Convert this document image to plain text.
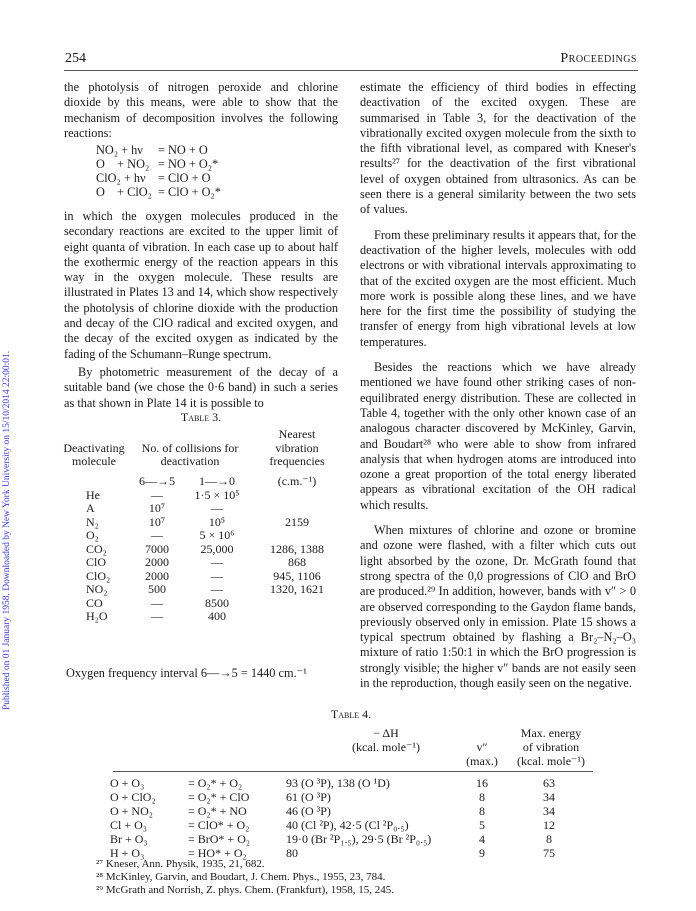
254	Proceedings
Published on 01 January 1958. Downloaded by New York University on 15/10/2014 22:00:01.

the photolysis of nitrogen peroxide and chlorine dioxide by this means, were able to show that the mechanism of decomposition involves the following reactions:

NO₂ + hν	= NO + O
O    + NO₂	= NO + O₂*
ClO₂ + hν	= ClO + O
O    + ClO₂	= ClO + O₂*

in which the oxygen molecules produced in the secondary reactions are excited to the upper limit of eight quanta of vibration. In each case up to about half the exothermic energy of the reaction appears in this way in the oxygen molecule. These results are illustrated in Plates 13 and 14, which show respectively the photolysis of chlorine dioxide with the production and decay of the ClO radical and excited oxygen, and the decay of the excited oxygen as indicated by the fading of the Schumann–Runge spectrum.

By photometric measurement of the decay of a suitable band (we chose the 0·6 band) in such a series as that shown in Plate 14 it is possible to

Table 3.
			Nearest
Deactivating	No. of collisions for		vibration
molecule	deactivation		frequencies
	6—→5	1—→0	(c.m.⁻¹)
He	—	1·5 × 10⁵	
A	10⁷	—	
N₂	10⁷	10⁵	2159
O₂	—	5 × 10⁶	
CO₂	7000	25,000	1286, 1388
ClO	2000	—	868
ClO₂	2000	—	945, 1106
NO₂	500	—	1320, 1621
CO	—	8500	
H₂O	—	400	
Oxygen frequency interval 6—→5 = 1440 cm.⁻¹

estimate the efficiency of third bodies in effecting deactivation of the excited oxygen. These are summarised in Table 3, for the deactivation of the vibrationally excited oxygen molecule from the sixth to the fifth vibrational level, as compared with Kneser's results²⁷ for the deactivation of the first vibrational level of oxygen obtained from ultrasonics. As can be seen there is a general similarity between the two sets of values.

From these preliminary results it appears that, for the deactivation of the higher levels, molecules with odd electrons or with vibrational intervals approximating to that of the excited oxygen are the most efficient. Much more work is possible along these lines, and we have here for the first time the possibility of studying the transfer of energy from high vibrational levels at low temperatures.

Besides the reactions which we have already mentioned we have found other striking cases of non-equilibrated energy distribution. These are collected in Table 4, together with the only other known case of an analogous character discovered by McKinley, Garvin, and Boudart²⁸ who were able to show from infrared analysis that when hydrogen atoms are introduced into ozone a great proportion of the total energy liberated appears as vibrational excitation of the OH radical which results.

When mixtures of chlorine and ozone or bromine and ozone were flashed, with a filter which cuts out light absorbed by the ozone, Dr. McGrath found that strong spectra of the 0,0 progressions of ClO and BrO are produced.²⁹ In addition, however, bands with v″ > 0 are observed corresponding to the Gaydon flame bands, previously observed only in emission. Plate 15 shows a typical spectrum obtained by flashing a Br₂–N₂–O₃ mixture of ratio 1:50:1 in which the BrO progression is strongly visible; the higher v″ bands are not easily seen in the reproduction, though easily seen on the negative.

Table 4.
	− ΔH		Max. energy
	(kcal. mole⁻¹)	v″	of vibration
		(max.)	(kcal. mole⁻¹)
O + O₃	= O₂* + O₂	93 (O ³P), 138 (O ¹D)	16	63
O + ClO₂	= O₂* + ClO	61 (O ³P)	8	34
O + NO₂	= O₂* + NO	46 (O ³P)	8	34
Cl + O₃	= ClO* + O₂	40 (Cl ²P), 42·5 (Cl ²P₀.₅)	5	12
Br + O₃	= BrO* + O₂	19·0 (Br ²P₁.₅), 29·5 (Br ²P₀.₅)	4	8
H + O₃	= HO* + O₂	80	9	75
²⁷ Kneser, Ann. Physik, 1935, 21, 682.
²⁸ McKinley, Garvin, and Boudart, J. Chem. Phys., 1955, 23, 784.
²⁹ McGrath and Norrish, Z. phys. Chem. (Frankfurt), 1958, 15, 245.
